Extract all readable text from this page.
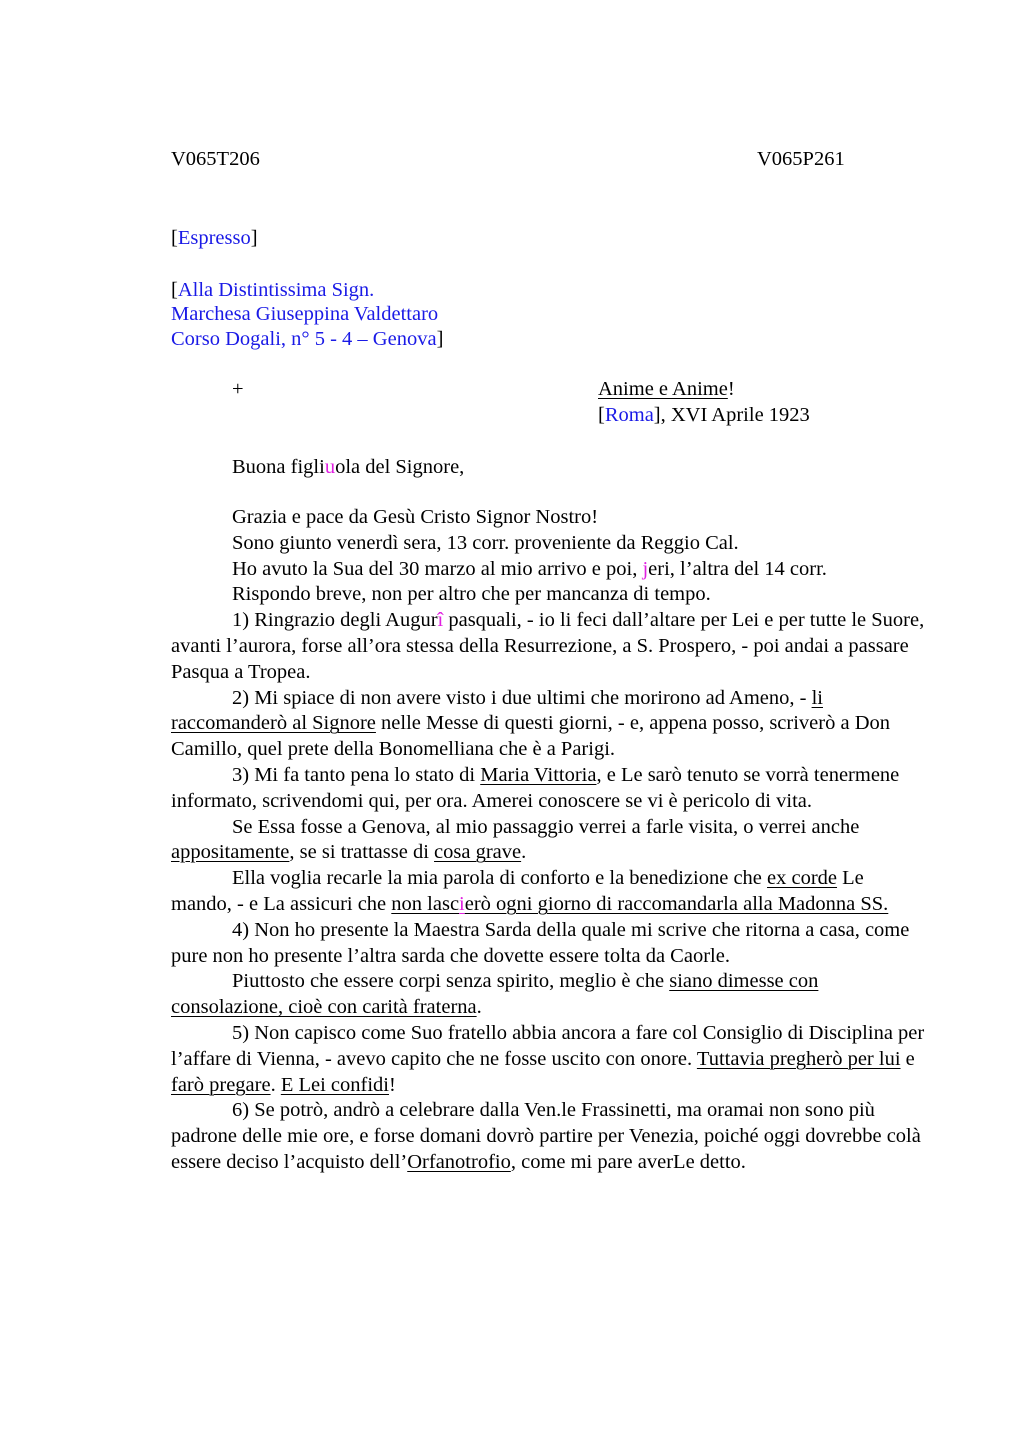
V065T206	V065P261
[Espresso]
[Alla Distintissima Sign.
Marchesa Giuseppina Valdettaro
Corso Dogali, n° 5 - 4 – Genova]
+	Anime e Anime!
[Roma], XVI Aprile 1923
Buona figliuola del Signore,

Grazia e pace da Gesù Cristo Signor Nostro!

Sono giunto venerdì sera, 13 corr. proveniente da Reggio Cal.

Ho avuto la Sua del 30 marzo al mio arrivo e poi, jeri, l’altra del 14 corr.

Rispondo breve, non per altro che per mancanza di tempo.

1) Ringrazio degli Augurî pasquali, - io li feci dall’altare per Lei e per tutte le Suore, avanti l’aurora, forse all’ora stessa della Resurrezione, a S. Prospero, - poi andai a passare Pasqua a Tropea.

2) Mi spiace di non avere visto i due ultimi che morirono ad Ameno, - li raccomanderò al Signore nelle Messe di questi giorni, - e, appena posso, scriverò a Don Camillo, quel prete della Bonomelliana che è a Parigi.

3) Mi fa tanto pena lo stato di Maria Vittoria, e Le sarò tenuto se vorrà tenermene informato, scrivendomi qui, per ora. Amerei conoscere se vi è pericolo di vita.

Se Essa fosse a Genova, al mio passaggio verrei a farle visita, o verrei anche appositamente, se si trattasse di cosa grave.

Ella voglia recarle la mia parola di conforto e la benedizione che ex corde Le mando, - e La assicuri che non lascierò ogni giorno di raccomandarla alla Madonna SS.

4) Non ho presente la Maestra Sarda della quale mi scrive che ritorna a casa, come pure non ho presente l’altra sarda che dovette essere tolta da Caorle.

Piuttosto che essere corpi senza spirito, meglio è che siano dimesse con consolazione, cioè con carità fraterna.

5) Non capisco come Suo fratello abbia ancora a fare col Consiglio di Disciplina per l’affare di Vienna, - avevo capito che ne fosse uscito con onore. Tuttavia pregherò per lui e farò pregare. E Lei confidi!

6) Se potrò, andrò a celebrare dalla Ven.le Frassinetti, ma oramai non sono più padrone delle mie ore, e forse domani dovrò partire per Venezia, poiché oggi dovrebbe colà essere deciso l’acquisto dell’Orfanotrofio, come mi pare averLe detto.
